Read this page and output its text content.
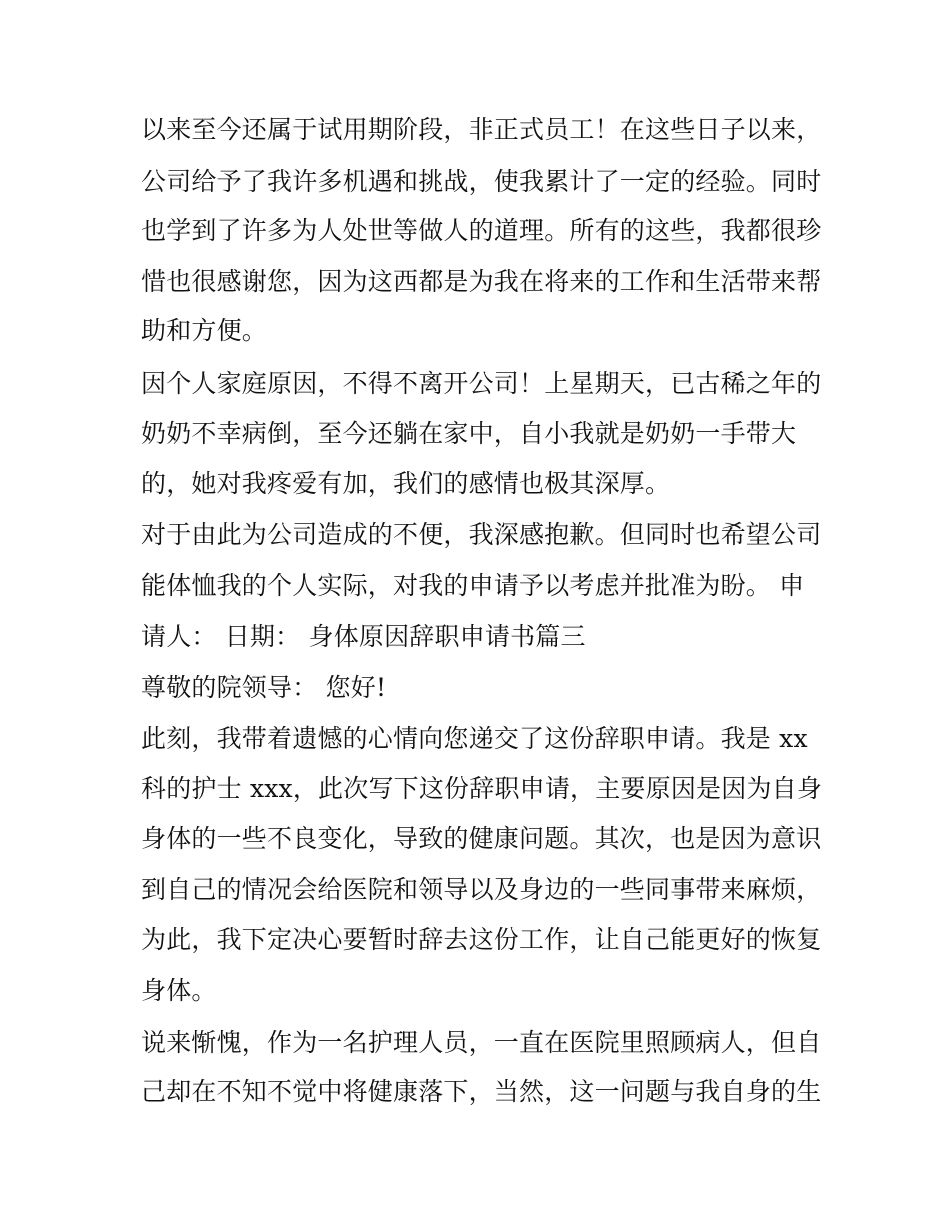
以来至今还属于试用期阶段，非正式员工！在这些日子以来，
公司给予了我许多机遇和挑战，使我累计了一定的经验。同时
也学到了许多为人处世等做人的道理。所有的这些，我都很珍
惜也很感谢您，因为这西都是为我在将来的工作和生活带来帮
助和方便。
因个人家庭原因，不得不离开公司！上星期天，已古稀之年的
奶奶不幸病倒，至今还躺在家中，自小我就是奶奶一手带大
的，她对我疼爱有加，我们的感情也极其深厚。
对于由此为公司造成的不便，我深感抱歉。但同时也希望公司
能体恤我的个人实际，对我的申请予以考虑并批准为盼。 申
请人： 日期： 身体原因辞职申请书篇三
尊敬的院领导： 您好!
此刻，我带着遗憾的心情向您递交了这份辞职申请。我是 xx
科的护士 xxx，此次写下这份辞职申请，主要原因是因为自身
身体的一些不良变化，导致的健康问题。其次，也是因为意识
到自己的情况会给医院和领导以及身边的一些同事带来麻烦，
为此，我下定决心要暂时辞去这份工作，让自己能更好的恢复
身体。
说来惭愧，作为一名护理人员，一直在医院里照顾病人，但自
己却在不知不觉中将健康落下，当然，这一问题与我自身的生
